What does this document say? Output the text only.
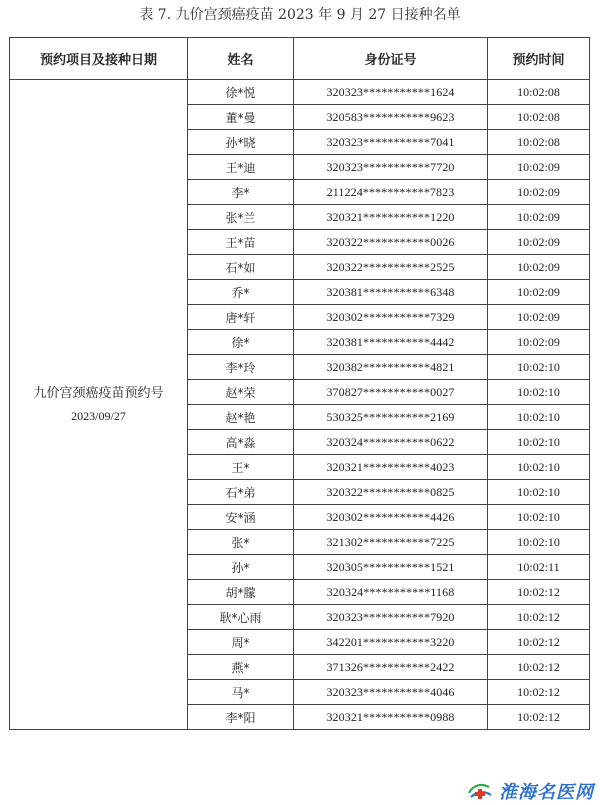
表 7. 九价宫颈癌疫苗 2023 年 9 月 27 日接种名单
预约项目及接种日期	姓名	身份证号	预约时间
九价宫颈癌疫苗预约号
2023/09/27	徐*悦	320323***********1624	10:02:08
	董*曼	320583***********9623	10:02:08
	孙*晓	320323***********7041	10:02:08
	王*迪	320323***********7720	10:02:09
	李*	211224***********7823	10:02:09
	张*兰	320321***********1220	10:02:09
	王*苗	320322***********0026	10:02:09
	石*如	320322***********2525	10:02:09
	乔*	320381***********6348	10:02:09
	唐*轩	320302***********7329	10:02:09
	徐*	320381***********4442	10:02:09
	李*玲	320382***********4821	10:02:10
	赵*荣	370827***********0027	10:02:10
	赵*艳	530325***********2169	10:02:10
	高*淼	320324***********0622	10:02:10
	王*	320321***********4023	10:02:10
	石*弟	320322***********0825	10:02:10
	安*涵	320302***********4426	10:02:10
	张*	321302***********7225	10:02:10
	孙*	320305***********1521	10:02:11
	胡*朦	320324***********1168	10:02:12
	耿*心雨	320323***********7920	10:02:12
	周*	342201***********3220	10:02:12
	燕*	371326***********2422	10:02:12
	马*	320323***********4046	10:02:12
	李*阳	320321***********0988	10:02:12
淮海名医网
